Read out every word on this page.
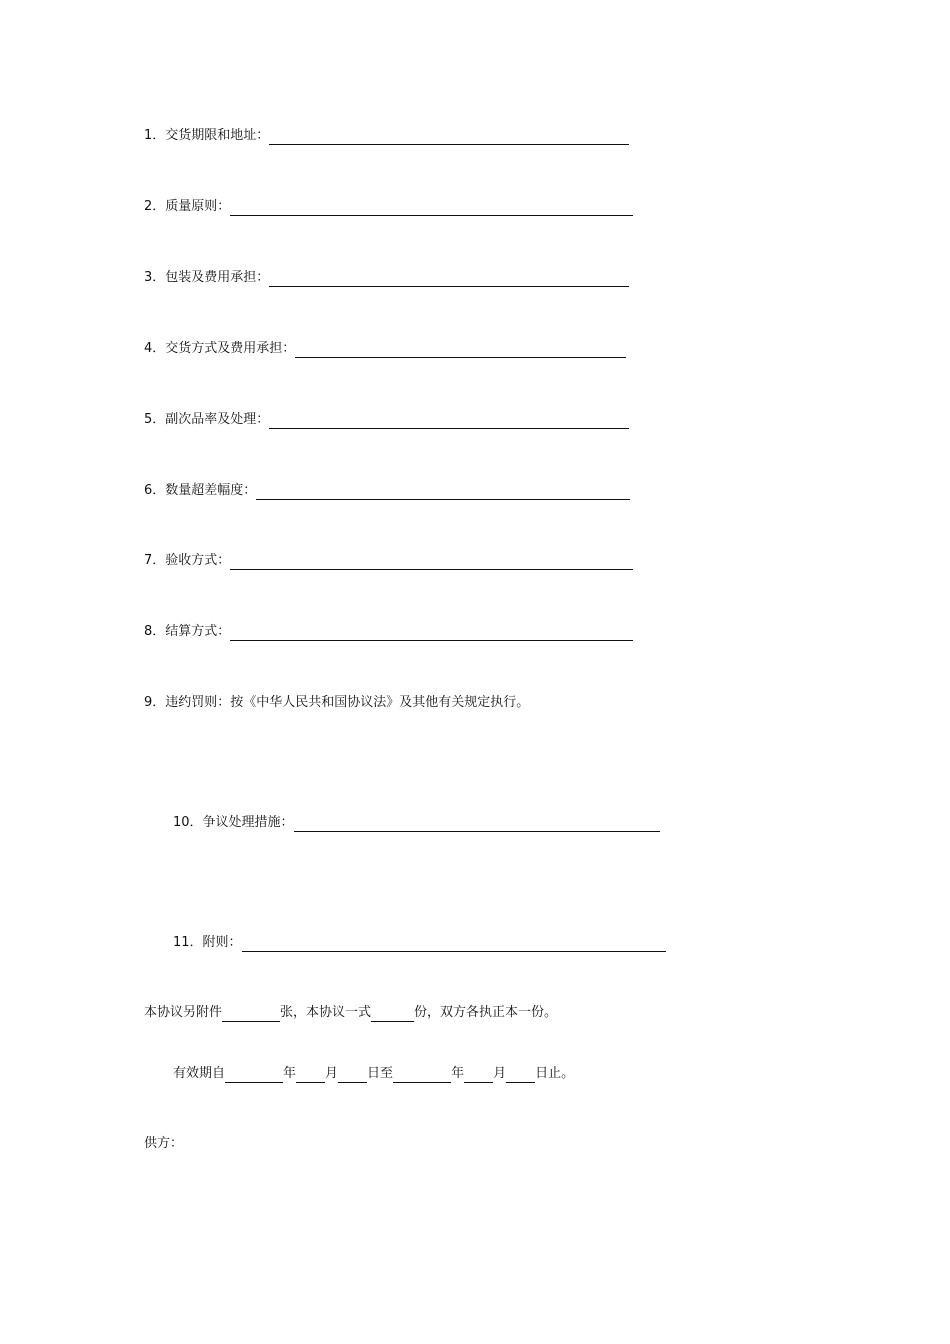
1． 交货期限和地址：
2． 质量原则：
3． 包装及费用承担：
4． 交货方式及费用承担：
5． 副次品率及处理：
6． 数量超差幅度：
7． 验收方式：
8． 结算方式：
9． 违约罚则：按《中华人民共和国协议法》及其他有关规定执行。
10． 争议处理措施：
11． 附则：
本协议另附件	张，本协议一式	份，双方各执正本一份。
有效期自	年 月 日至	年 月 日止。
供方：
